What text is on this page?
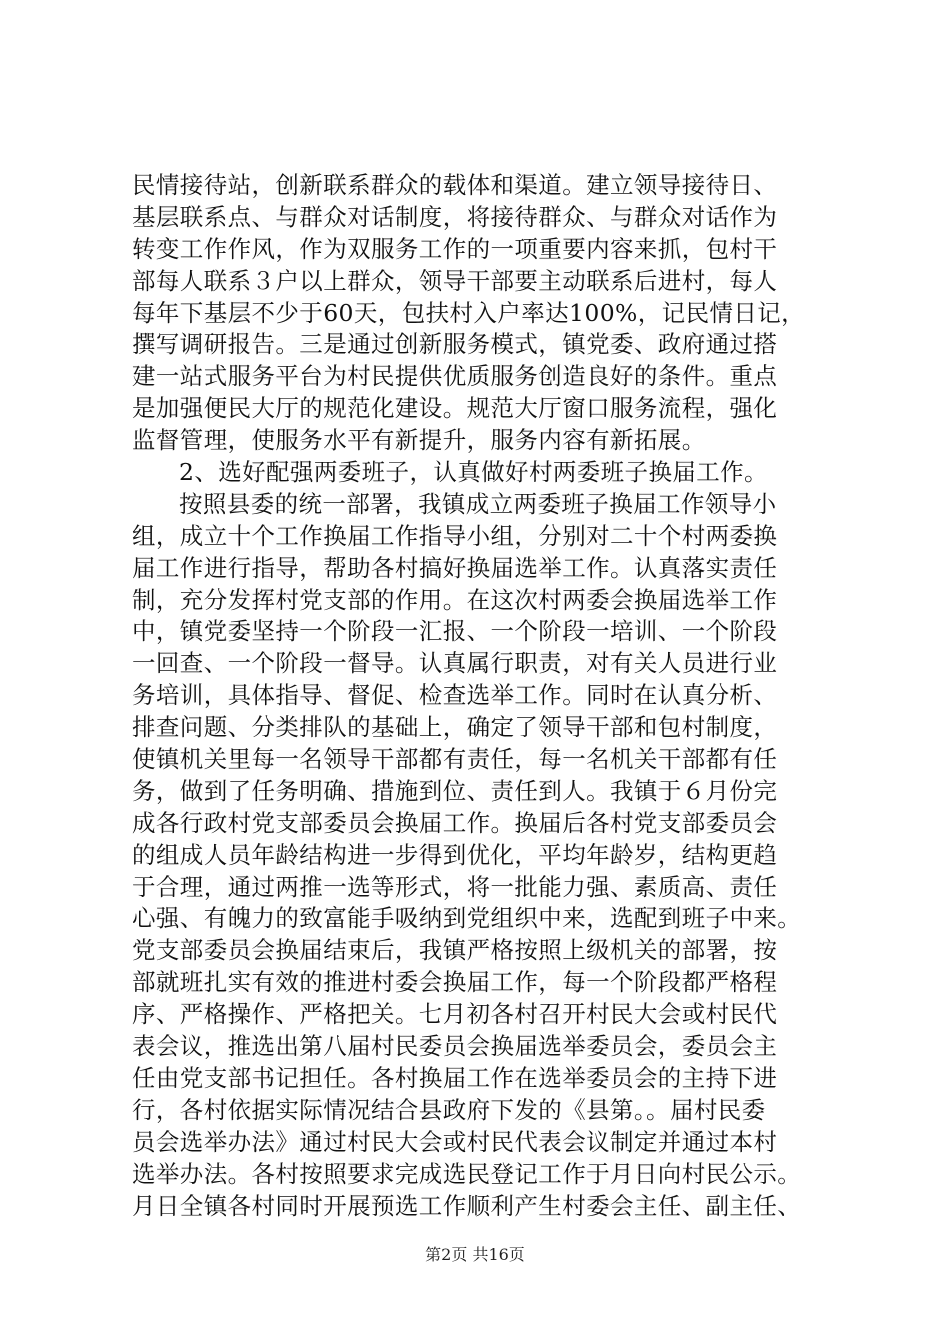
民情接待站，创新联系群众的载体和渠道。建立领导接待日、
基层联系点、与群众对话制度，将接待群众、与群众对话作为
转变工作作风，作为双服务工作的一项重要内容来抓，包村干
部每人联系３户以上群众，领导干部要主动联系后进村，每人
每年下基层不少于60天，包扶村入户率达100%，记民情日记，
撰写调研报告。三是通过创新服务模式，镇党委、政府通过搭
建一站式服务平台为村民提供优质服务创造良好的条件。重点
是加强便民大厅的规范化建设。规范大厅窗口服务流程，强化
监督管理，使服务水平有新提升，服务内容有新拓展。
2、选好配强两委班子，认真做好村两委班子换届工作。
按照县委的统一部署，我镇成立两委班子换届工作领导小
组，成立十个工作换届工作指导小组，分别对二十个村两委换
届工作进行指导，帮助各村搞好换届选举工作。认真落实责任
制，充分发挥村党支部的作用。在这次村两委会换届选举工作
中，镇党委坚持一个阶段一汇报、一个阶段一培训、一个阶段
一回查、一个阶段一督导。认真属行职责，对有关人员进行业
务培训，具体指导、督促、检查选举工作。同时在认真分析、
排查问题、分类排队的基础上，确定了领导干部和包村制度，
使镇机关里每一名领导干部都有责任，每一名机关干部都有任
务，做到了任务明确、措施到位、责任到人。我镇于６月份完
成各行政村党支部委员会换届工作。换届后各村党支部委员会
的组成人员年龄结构进一步得到优化，平均年龄岁，结构更趋
于合理，通过两推一选等形式，将一批能力强、素质高、责任
心强、有魄力的致富能手吸纳到党组织中来，选配到班子中来。
党支部委员会换届结束后，我镇严格按照上级机关的部署，按
部就班扎实有效的推进村委会换届工作，每一个阶段都严格程
序、严格操作、严格把关。七月初各村召开村民大会或村民代
表会议，推选出第八届村民委员会换届选举委员会，委员会主
任由党支部书记担任。各村换届工作在选举委员会的主持下进
行，各村依据实际情况结合县政府下发的《县第。。届村民委
员会选举办法》通过村民大会或村民代表会议制定并通过本村
选举办法。各村按照要求完成选民登记工作于月日向村民公示。
月日全镇各村同时开展预选工作顺利产生村委会主任、副主任、
第2页 共16页
